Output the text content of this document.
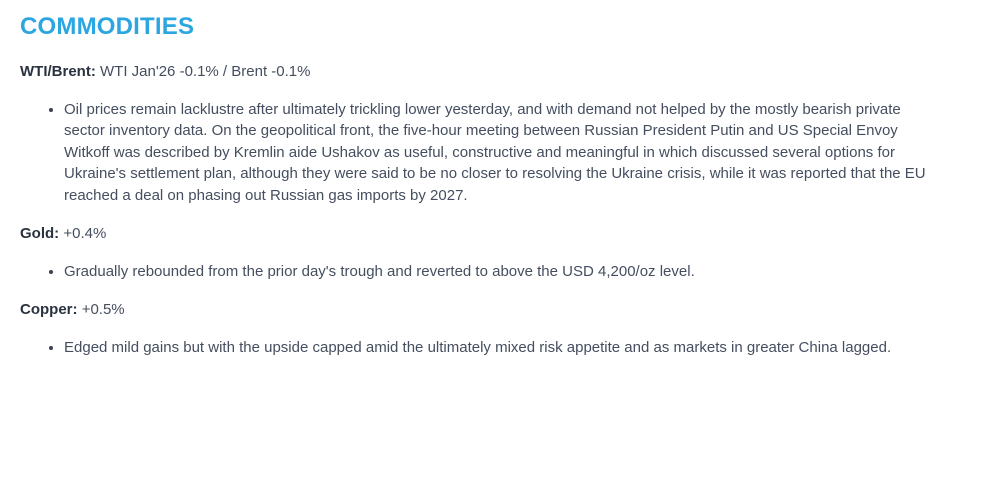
COMMODITIES

WTI/Brent: WTI Jan'26 -0.1% / Brent -0.1%

• Oil prices remain lacklustre after ultimately trickling lower yesterday, and with demand not helped by the mostly bearish private sector inventory data. On the geopolitical front, the five-hour meeting between Russian President Putin and US Special Envoy Witkoff was described by Kremlin aide Ushakov as useful, constructive and meaningful in which discussed several options for Ukraine's settlement plan, although they were said to be no closer to resolving the Ukraine crisis, while it was reported that the EU reached a deal on phasing out Russian gas imports by 2027.

Gold: +0.4%

• Gradually rebounded from the prior day's trough and reverted to above the USD 4,200/oz level.

Copper: +0.5%

• Edged mild gains but with the upside capped amid the ultimately mixed risk appetite and as markets in greater China lagged.
